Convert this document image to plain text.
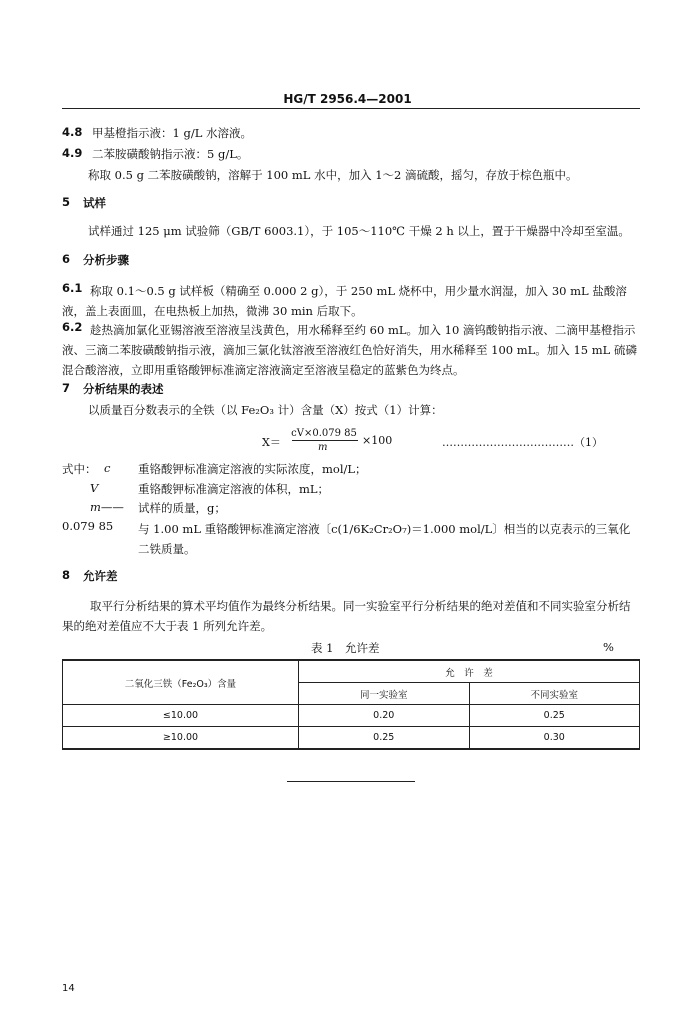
HG/T 2956.4—2001
4.8 甲基橙指示液：1 g/L 水溶液。
4.9 二苯胺磺酸钠指示液：5 g/L。
称取 0.5 g 二苯胺磺酸钠，溶解于 100 mL 水中，加入 1～2 滴硫酸，摇匀，存放于棕色瓶中。
5 试样
试样通过 125 μm 试验筛（GB/T 6003.1），于 105～110℃ 干燥 2 h 以上，置于干燥器中冷却至室温。
6 分析步骤
6.1 称取 0.1～0.5 g 试样板（精确至 0.000 2 g），于 250 mL 烧杯中，用少量水润湿，加入 30 mL 盐酸溶液，盖上表面皿，在电热板上加热，微沸 30 min 后取下。
6.2 趁热滴加氯化亚锡溶液至溶液呈浅黄色，用水稀释至约 60 mL。加入 10 滴钨酸钠指示液、二滴甲基橙指示液、三滴二苯胺磺酸钠指示液，滴加三氯化钛溶液至溶液红色恰好消失，用水稀释至 100 mL。加入 15 mL 硫磷混合酸溶液，立即用重铬酸钾标准滴定溶液滴定至溶液呈稳定的蓝紫色为终点。
7 分析结果的表述
以质量百分数表示的全铁（以 Fe₂O₃ 计）含量（X）按式（1）计算：
X＝
cV×0.079 85
m
×100	………………………………（1）
式中： c 重铬酸钾标准滴定溶液的实际浓度，mol/L；
V	重铬酸钾标准滴定溶液的体积，mL；
m—— 试样的质量，g；
0.079 85 与 1.00 mL 重铬酸钾标准滴定溶液〔c(1/6K₂Cr₂O₇)＝1.000 mol/L〕相当的以克表示的三氧化二铁质量。
8 允许差
取平行分析结果的算术平均值作为最终分析结果。同一实验室平行分析结果的绝对差值和不同实验室分析结果的绝对差值应不大于表 1 所列允许差。
表 1　允许差	%
二氧化三铁（Fe₂O₃）含量	允　许　差	
	同一实验室	不同实验室
≤10.00	0.20	0.25
≥10.00	0.25	0.30
14
